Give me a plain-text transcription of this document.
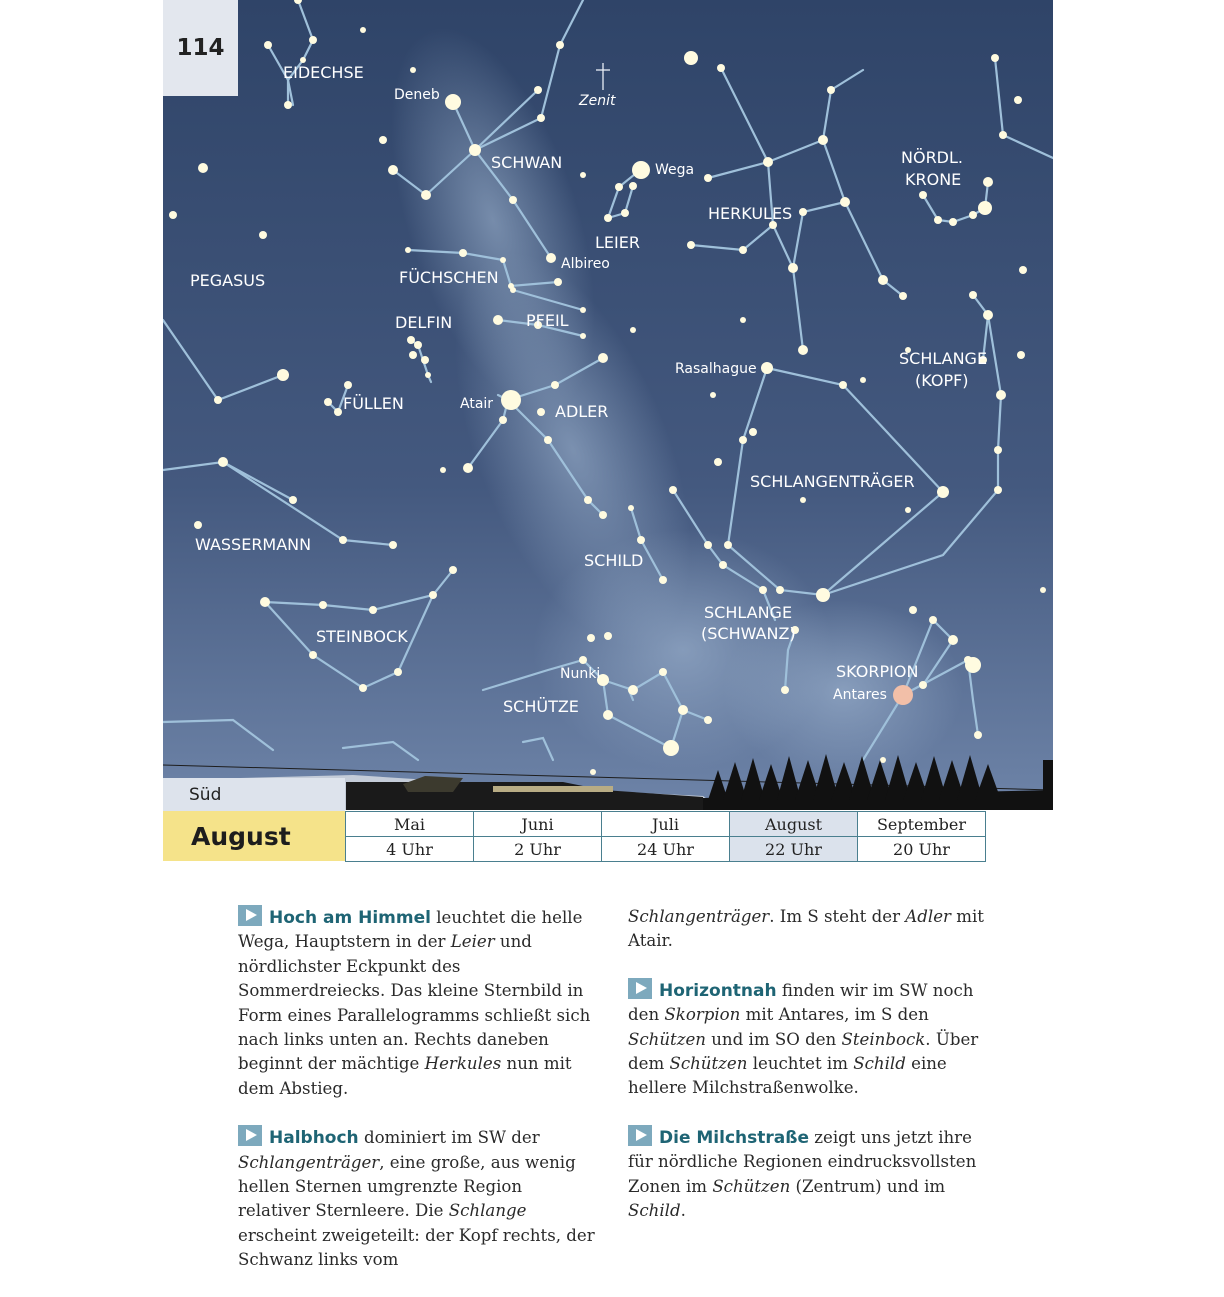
EIDECHSE
SCHWAN	NÖRDL.
KRONE
HERKULES
LEIER
FÜCHSCHEN
PEGASUS
DELFIN	PFEIL
SCHLANGE
(KOPF)
FÜLLEN	ADLER
SCHLANGENTRÄGER
WASSERMANN
SCHILD
SCHLANGE
(SCHWANZ)
STEINBOCK
SKORPION
SCHÜTZE
Zenit
Deneb
Wega
Albireo
Rasalhague
Atair
Nunki
Antares
114
Süd
August	Mai	Juni	Juli	August	September
4 Uhr	2 Uhr	24 Uhr	22 Uhr	20 Uhr

Hoch am Himmel leuchtet die helle Wega, Hauptstern in der Leier und nördlichster Eckpunkt des Sommerdreiecks. Das kleine Sternbild in Form eines Parallelogramms schließt sich nach links unten an. Rechts daneben beginnt der mächtige Herkules nun mit dem Abstieg.

Halbhoch dominiert im SW der Schlangenträger, eine große, aus wenig hellen Sternen umgrenzte Region relativer Sternleere. Die Schlange erscheint zweigeteilt: der Kopf rechts, der Schwanz links vom

Schlangenträger. Im S steht der Adler mit Atair.

Horizontnah finden wir im SW noch den Skorpion mit Antares, im S den Schützen und im SO den Steinbock. Über dem Schützen leuchtet im Schild eine hellere Milchstraßenwolke.

Die Milchstraße zeigt uns jetzt ihre für nördliche Regionen eindrucksvollsten Zonen im Schützen (Zentrum) und im Schild.
